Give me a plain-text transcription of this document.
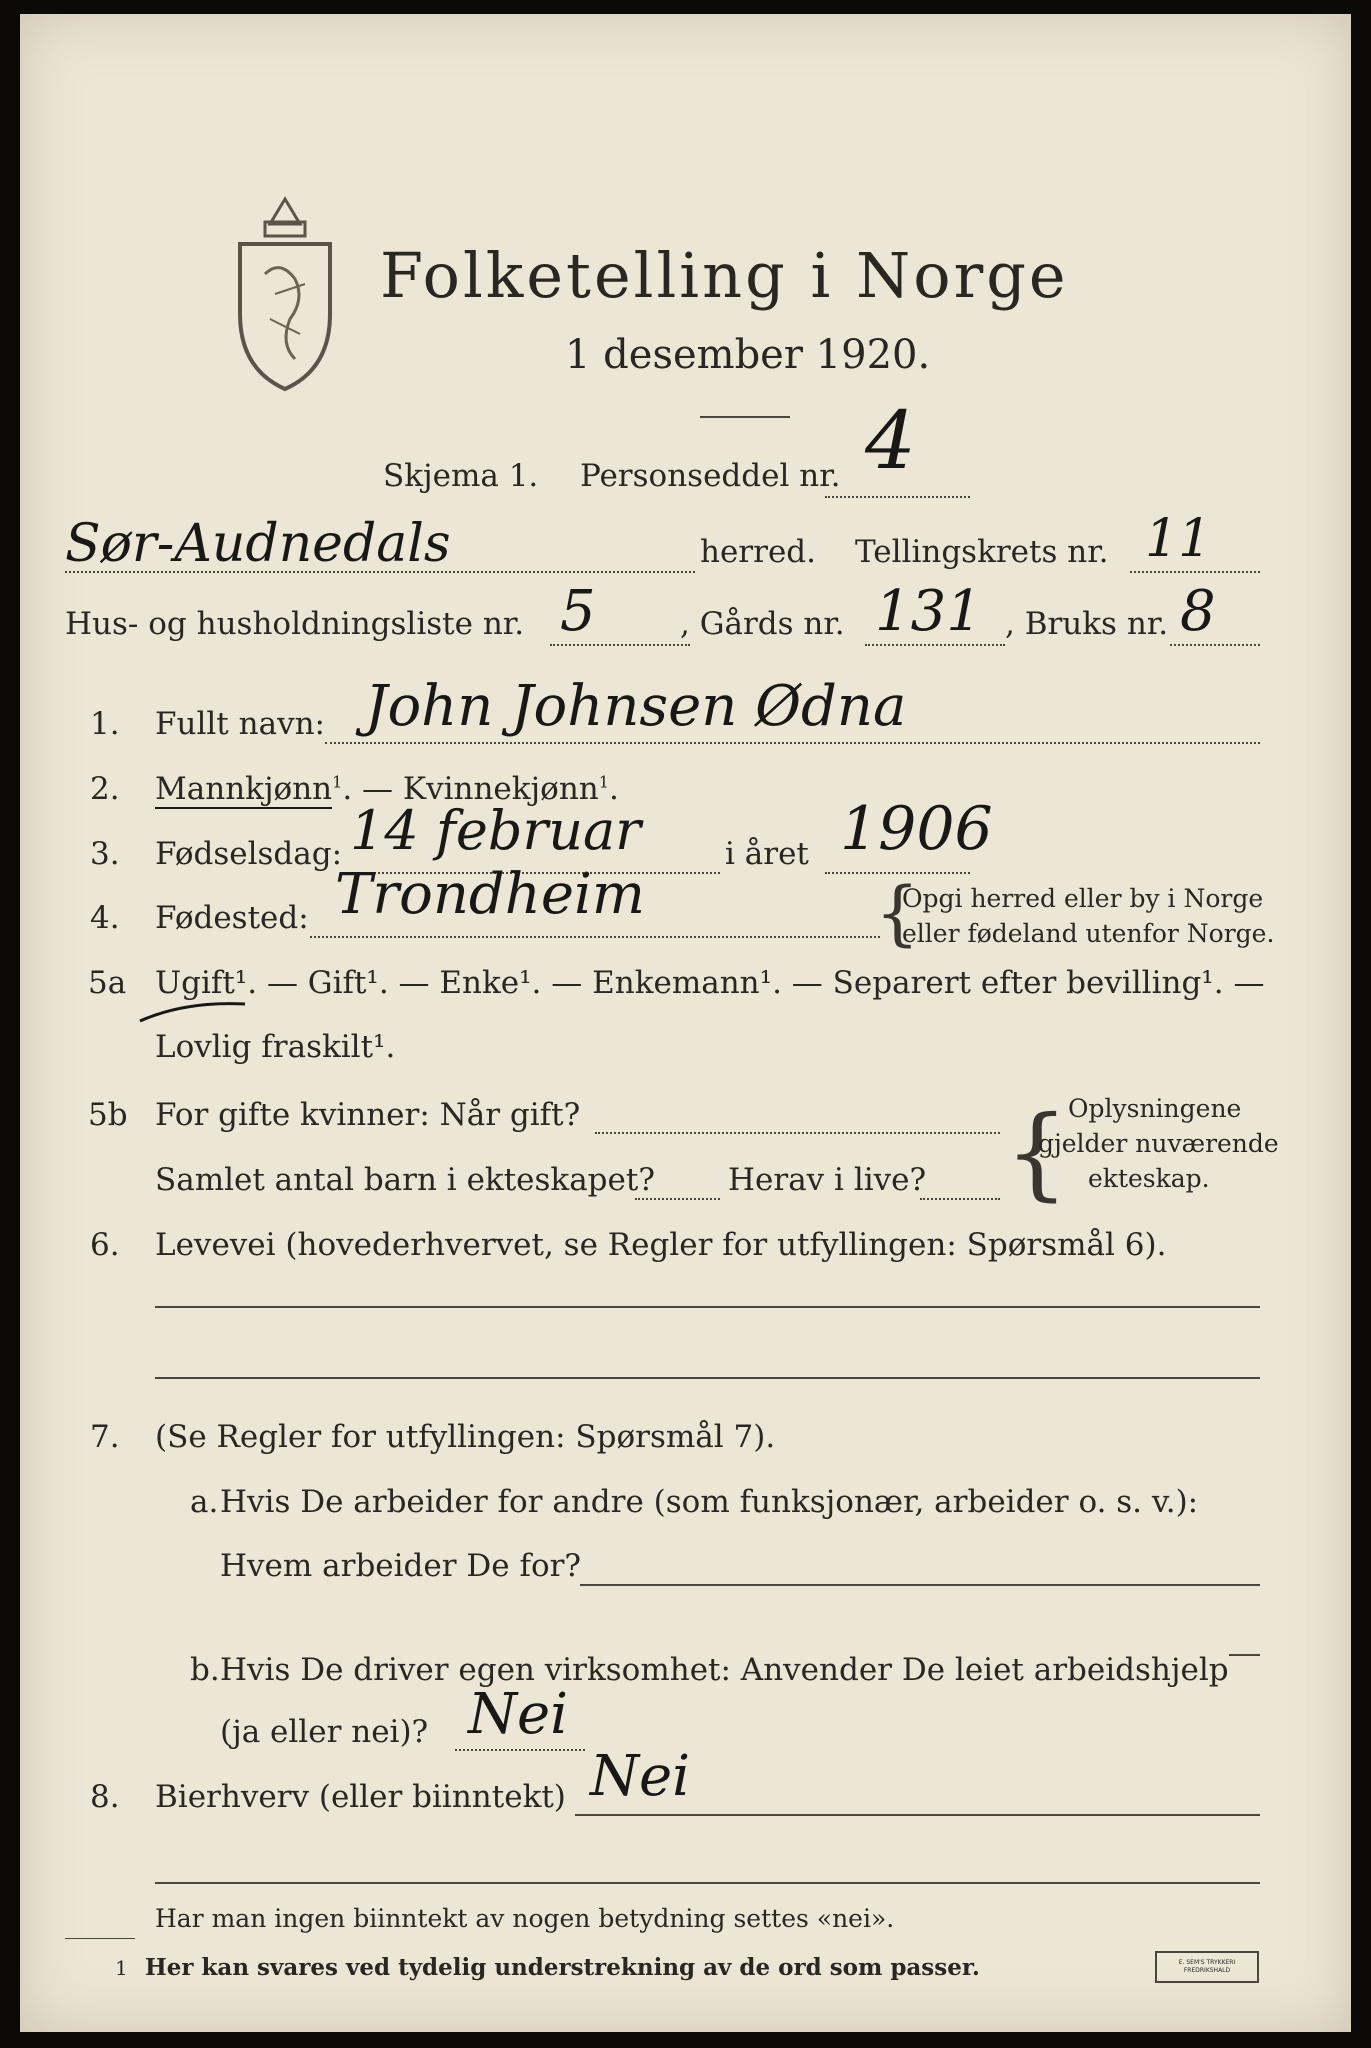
Folketelling i Norge
1 desember 1920.
Skjema 1. Personseddel nr. 4
Sør-Audnedals	herred. Tellingskrets nr. 11
Hus- og husholdningsliste nr. 5	, Gårds nr. 131 , Bruks nr. 8
1. Fullt navn: John Johnsen Ødna
2. Mannkjønn$^1$. — Kvinnekjønn$^1$.
3. Fødselsdag: 14 februar	i året 1906
4. Fødested: Trondheim	{
Opgi herred eller by i Norge
eller fødeland utenfor Norge.
5a Ugift¹. — Gift¹. — Enke¹. — Enkemann¹. — Separert efter bevilling¹. —
Lovlig fraskilt¹.
5b For gifte kvinner: Når gift?
Samlet antal barn i ekteskapet? Herav i live? { Oplysningene
gjelder nuværende
ekteskap.
6. Levevei (hovederhvervet, se Regler for utfyllingen: Spørsmål 6).
7. (Se Regler for utfyllingen: Spørsmål 7).
a. Hvis De arbeider for andre (som funksjonær, arbeider o. s. v.):
Hvem arbeider De for?
b. Hvis De driver egen virksomhet: Anvender De leiet arbeidshjelp
(ja eller nei)? Nei
8. Bierhverv (eller biinntekt) Nei
Har man ingen biinntekt av nogen betydning settes «nei».
1 Her kan svares ved tydelig understrekning av de ord som passer.	E. SEM'S TRYKKERI FREDRIKSHALD
